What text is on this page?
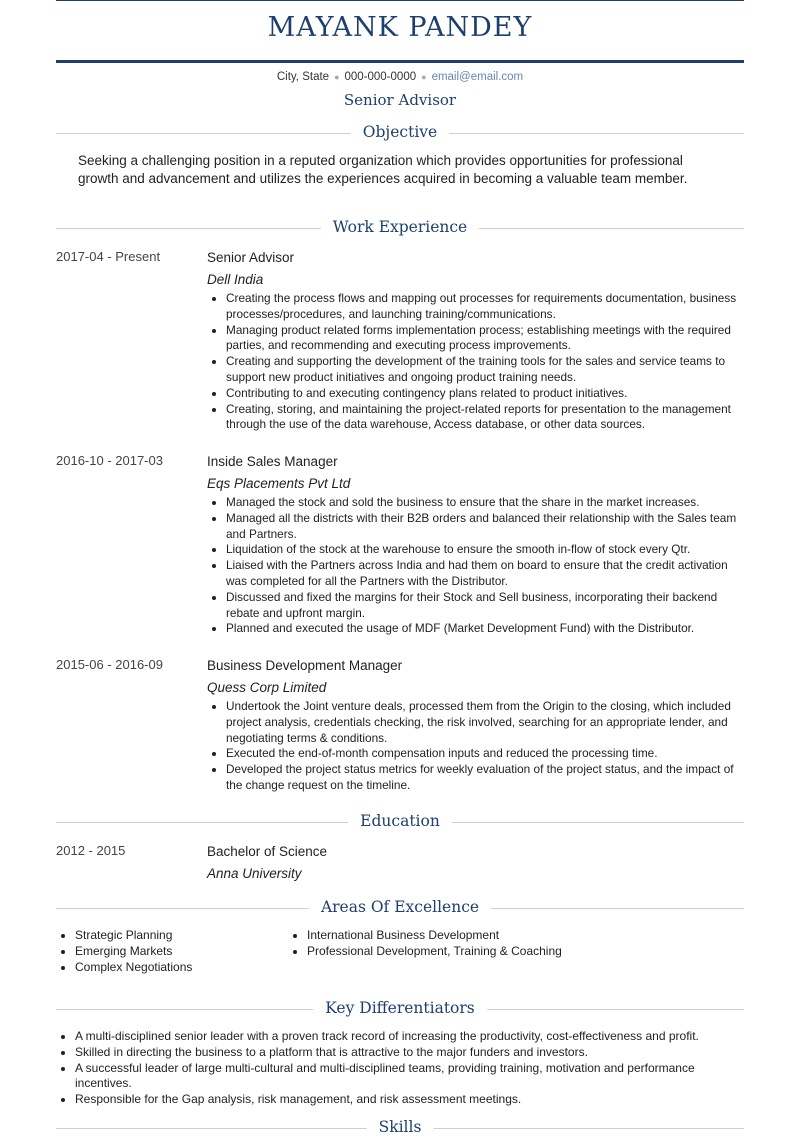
MAYANK PANDEY
City, State ● 000-000-0000 ● email@email.com
Senior Advisor
Objective
Seeking a challenging position in a reputed organization which provides opportunities for professional growth and advancement and utilizes the experiences acquired in becoming a valuable team member.
Work Experience
2017-04 - Present	Senior Advisor
Dell India
• Creating the process flows and mapping out processes for requirements documentation, business processes/procedures, and launching training/communications.
• Managing product related forms implementation process; establishing meetings with the required parties, and recommending and executing process improvements.
• Creating and supporting the development of the training tools for the sales and service teams to support new product initiatives and ongoing product training needs.
• Contributing to and executing contingency plans related to product initiatives.
• Creating, storing, and maintaining the project-related reports for presentation to the management through the use of the data warehouse, Access database, or other data sources.
2016-10 - 2017-03	Inside Sales Manager
Eqs Placements Pvt Ltd
• Managed the stock and sold the business to ensure that the share in the market increases.
• Managed all the districts with their B2B orders and balanced their relationship with the Sales team and Partners.
• Liquidation of the stock at the warehouse to ensure the smooth in-flow of stock every Qtr.
• Liaised with the Partners across India and had them on board to ensure that the credit activation was completed for all the Partners with the Distributor.
• Discussed and fixed the margins for their Stock and Sell business, incorporating their backend rebate and upfront margin.
• Planned and executed the usage of MDF (Market Development Fund) with the Distributor.
2015-06 - 2016-09	Business Development Manager
Quess Corp Limited
• Undertook the Joint venture deals, processed them from the Origin to the closing, which included project analysis, credentials checking, the risk involved, searching for an appropriate lender, and negotiating terms & conditions.
• Executed the end-of-month compensation inputs and reduced the processing time.
• Developed the project status metrics for weekly evaluation of the project status, and the impact of the change request on the timeline.
Education
2012 - 2015	Bachelor of Science
Anna University
Areas Of Excellence
• Strategic Planning
• Emerging Markets
• Complex Negotiations
• International Business Development
• Professional Development, Training & Coaching
Key Differentiators
• A multi-disciplined senior leader with a proven track record of increasing the productivity, cost-effectiveness and profit.
• Skilled in directing the business to a platform that is attractive to the major funders and investors.
• A successful leader of large multi-cultural and multi-disciplined teams, providing training, motivation and performance incentives.
• Responsible for the Gap analysis, risk management, and risk assessment meetings.
Skills
